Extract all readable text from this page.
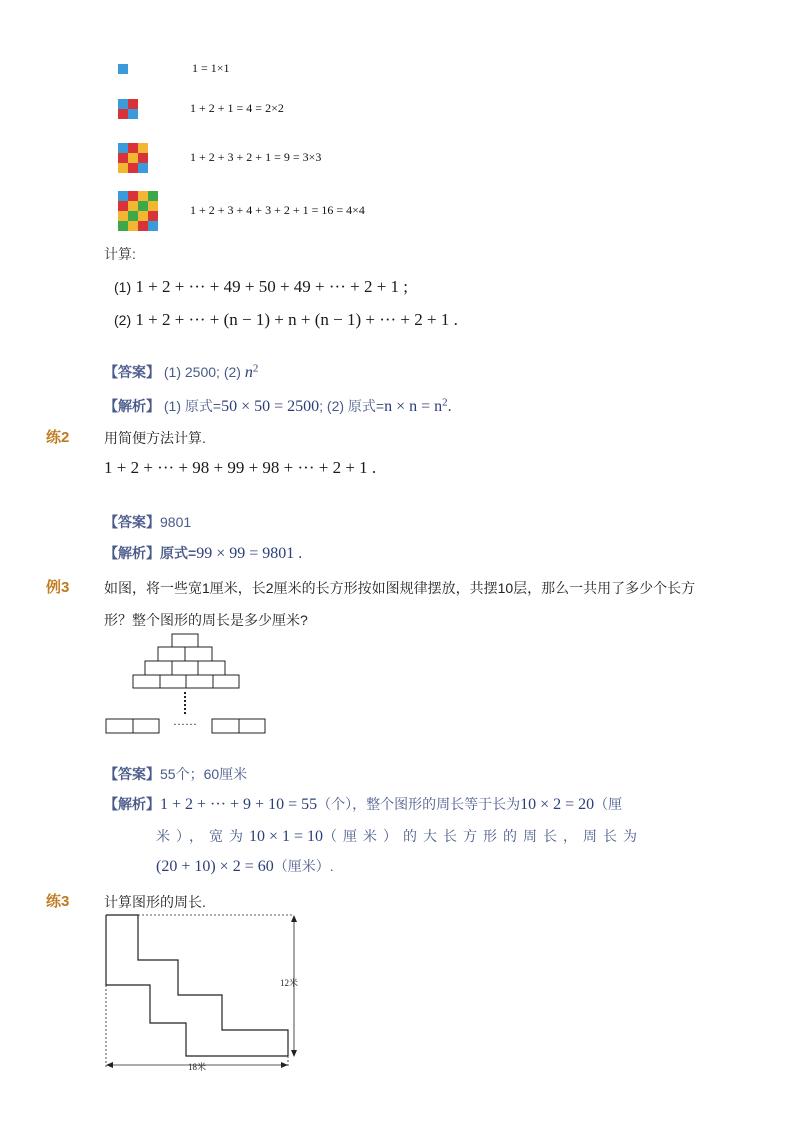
1 = 1×1
1 + 2 + 1 = 4 = 2×2
1 + 2 + 3 + 2 + 1 = 9 = 3×3
1 + 2 + 3 + 4 + 3 + 2 + 1 = 16 = 4×4
计算:
(1) 1 + 2 + ··· + 49 + 50 + 49 + ··· + 2 + 1 ;
(2) 1 + 2 + ··· + (n − 1) + n + (n − 1) + ··· + 2 + 1 .
【答案】 (1) 2500; (2) $n^2$
【解析】 (1) 原式=50 × 50 = 2500; (2) 原式$=n \times n = n^2$.
练2 用简便方法计算.
1 + 2 + ··· + 98 + 99 + 98 + ··· + 2 + 1 .
【答案】9801
【解析】原式=99 × 99 = 9801 .
例3 如图，将一些宽1厘米，长2厘米的长方形按如图规律摆放，共摆10层，那么一共用了多少个长方
形？整个图形的周长是多少厘米?
······
【答案】55个；60厘米
【解析】1 + 2 + ··· + 9 + 10 = 55（个），整个图形的周长等于长为10 × 2 = 20（厘
米），宽为10 × 1 = 10（厘米）的大长方形的周长，周长为
(20 + 10) × 2 = 60（厘米）.
练3 计算图形的周长.
12米
18米
